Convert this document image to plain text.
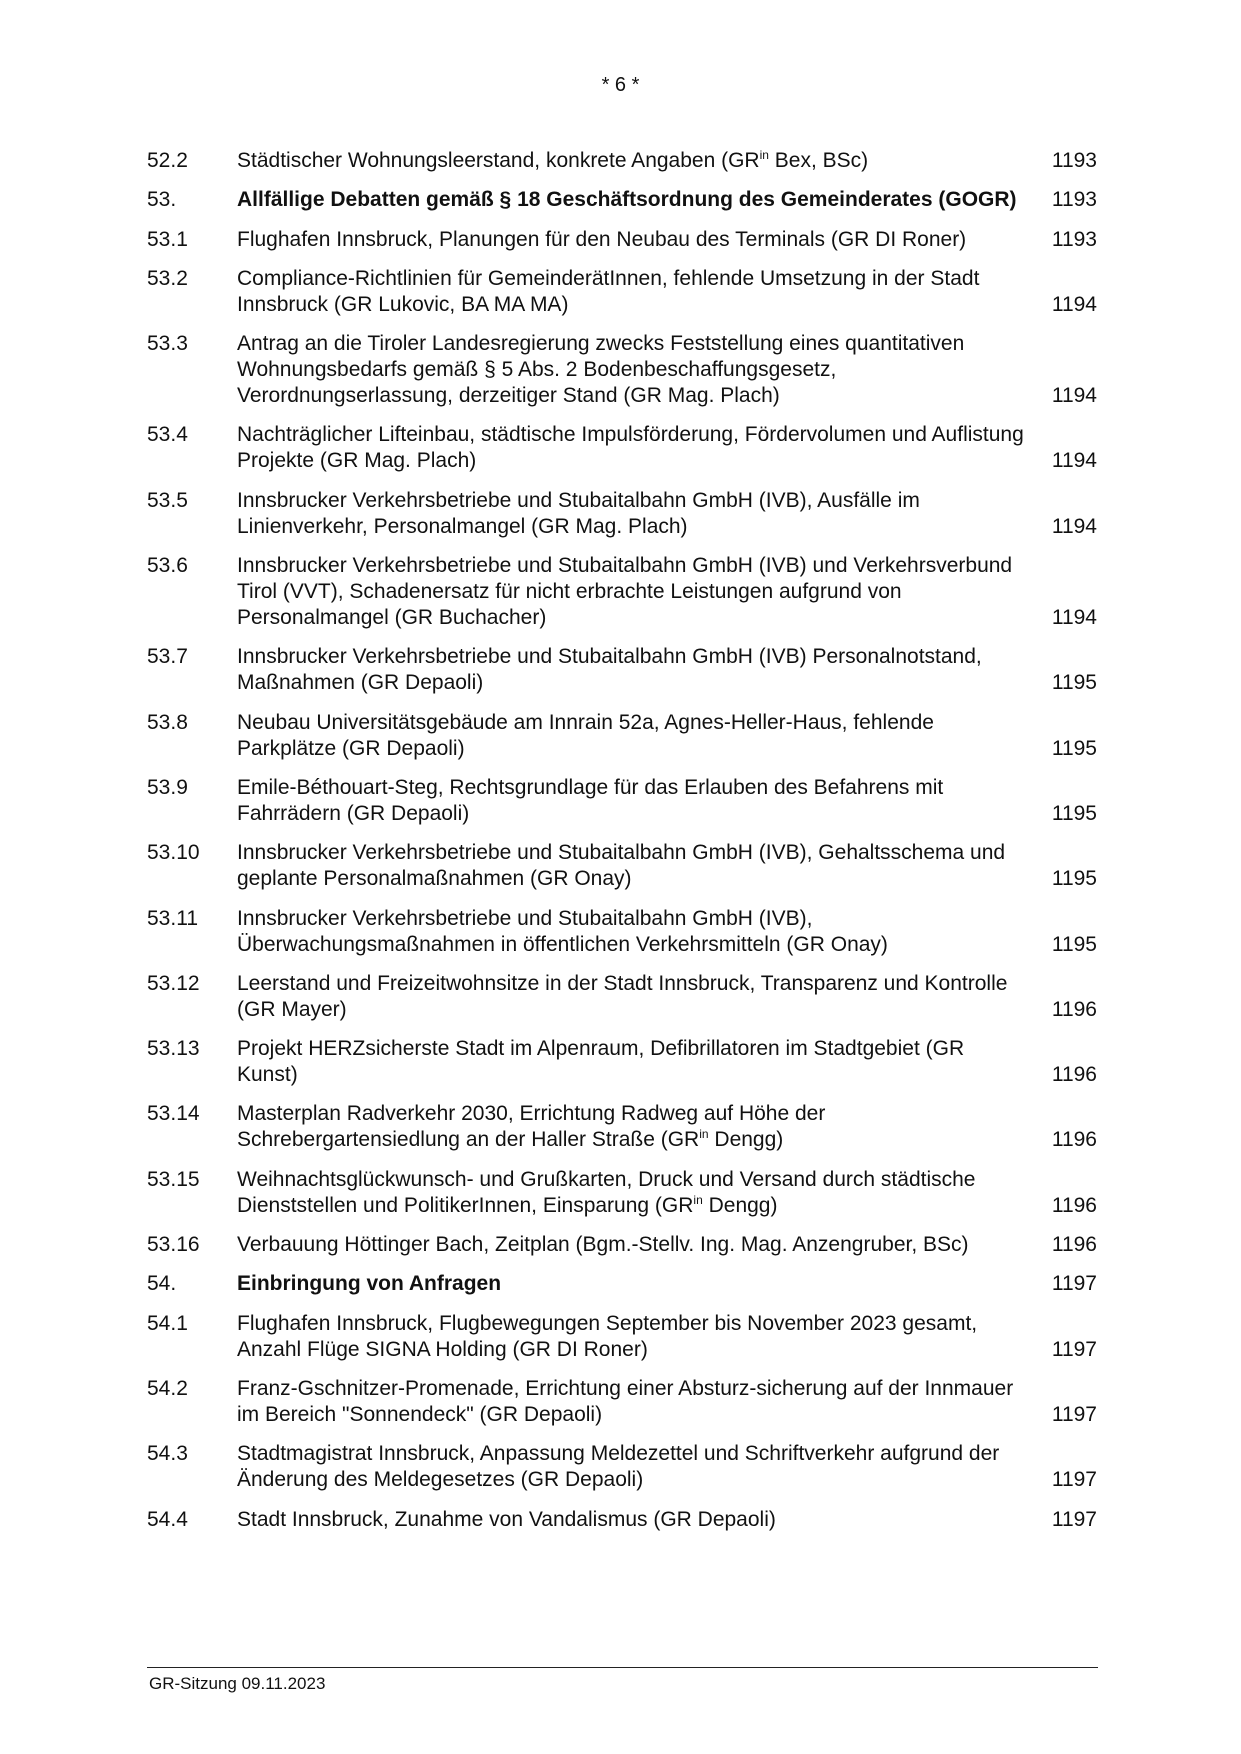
* 6 *
52.2	Städtischer Wohnungsleerstand, konkrete Angaben ($GR^{in}$ Bex, BSc)	1193
53.	Allfällige Debatten gemäß § 18 Geschäftsordnung des Gemeinderates (GOGR)	1193
53.1	Flughafen Innsbruck, Planungen für den Neubau des Terminals (GR DI Roner)	1193
53.2	Compliance-Richtlinien für GemeinderätInnen, fehlende Umsetzung in der Stadt Innsbruck (GR Lukovic, BA MA MA)	1194
53.3	Antrag an die Tiroler Landesregierung zwecks Feststellung eines quantitativen Wohnungsbedarfs gemäß § 5 Abs. 2 Bodenbeschaffungsgesetz, Verordnungserlassung, derzeitiger Stand (GR Mag. Plach)	1194
53.4	Nachträglicher Lifteinbau, städtische Impulsförderung, Fördervolumen und Auflistung Projekte (GR Mag. Plach)	1194
53.5	Innsbrucker Verkehrsbetriebe und Stubaitalbahn GmbH (IVB), Ausfälle im Linienverkehr, Personalmangel (GR Mag. Plach)	1194
53.6	Innsbrucker Verkehrsbetriebe und Stubaitalbahn GmbH (IVB) und Verkehrsverbund Tirol (VVT), Schadenersatz für nicht erbrachte Leistungen aufgrund von Personalmangel (GR Buchacher)	1194
53.7	Innsbrucker Verkehrsbetriebe und Stubaitalbahn GmbH (IVB) Personalnotstand, Maßnahmen (GR Depaoli)	1195
53.8	Neubau Universitätsgebäude am Innrain 52a, Agnes-Heller-Haus, fehlende Parkplätze (GR Depaoli)	1195
53.9	Emile-Béthouart-Steg, Rechtsgrundlage für das Erlauben des Befahrens mit Fahrrädern (GR Depaoli)	1195
53.10	Innsbrucker Verkehrsbetriebe und Stubaitalbahn GmbH (IVB), Gehaltsschema und geplante Personalmaßnahmen (GR Onay)	1195
53.11	Innsbrucker Verkehrsbetriebe und Stubaitalbahn GmbH (IVB), Überwachungsmaßnahmen in öffentlichen Verkehrsmitteln (GR Onay)	1195
53.12	Leerstand und Freizeitwohnsitze in der Stadt Innsbruck, Transparenz und Kontrolle (GR Mayer)	1196
53.13	Projekt HERZsicherste Stadt im Alpenraum, Defibrillatoren im Stadtgebiet (GR Kunst)	1196
53.14	Masterplan Radverkehr 2030, Errichtung Radweg auf Höhe der Schrebergartensiedlung an der Haller Straße ($GR^{in}$ Dengg)	1196
53.15	Weihnachtsglückwunsch- und Grußkarten, Druck und Versand durch städtische Dienststellen und PolitikerInnen, Einsparung ($GR^{in}$ Dengg)	1196
53.16	Verbauung Höttinger Bach, Zeitplan (Bgm.-Stellv. Ing. Mag. Anzengruber, BSc)	1196
54.	Einbringung von Anfragen	1197
54.1	Flughafen Innsbruck, Flugbewegungen September bis November 2023 gesamt, Anzahl Flüge SIGNA Holding (GR DI Roner)	1197
54.2	Franz-Gschnitzer-Promenade, Errichtung einer Absturz-sicherung auf der Innmauer im Bereich "Sonnendeck" (GR Depaoli)	1197
54.3	Stadtmagistrat Innsbruck, Anpassung Meldezettel und Schriftverkehr aufgrund der Änderung des Meldegesetzes (GR Depaoli)	1197
54.4	Stadt Innsbruck, Zunahme von Vandalismus (GR Depaoli)	1197
GR-Sitzung 09.11.2023
